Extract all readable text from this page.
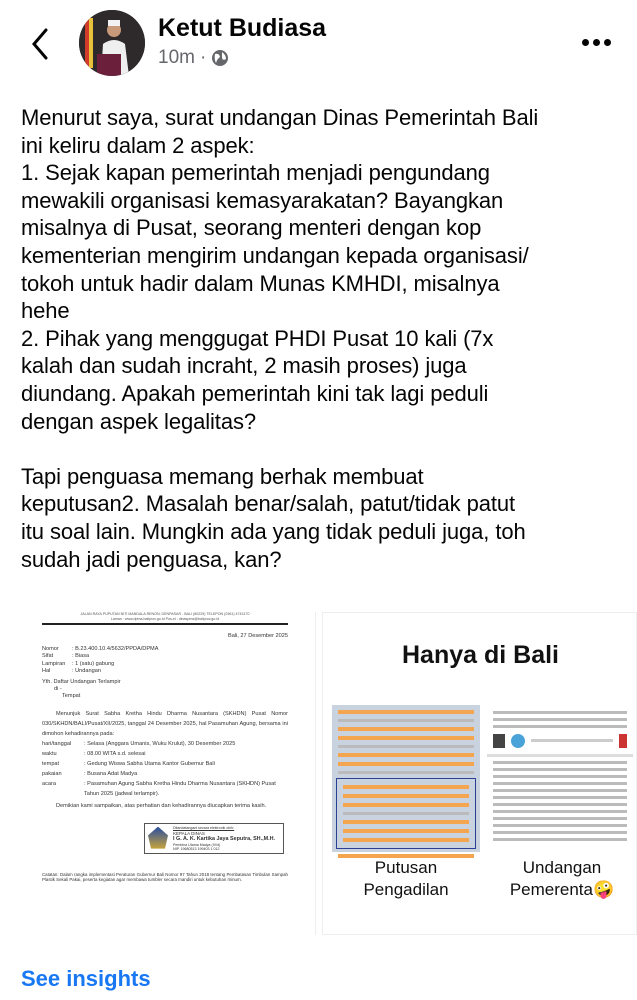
Ketut Budiasa
10m ·
Menurut saya, surat undangan Dinas Pemerintah Bali
ini keliru dalam 2 aspek:
1. Sejak kapan pemerintah menjadi pengundang
mewakili organisasi kemasyarakatan? Bayangkan
misalnya di Pusat, seorang menteri dengan kop
kementerian mengirim undangan kepada organisasi/
tokoh untuk hadir dalam Munas KMHDI, misalnya
hehe
2. Pihak yang menggugat PHDI Pusat 10 kali (7x
kalah dan sudah incraht, 2 masih proses) juga
diundang. Apakah pemerintah kini tak lagi peduli
dengan aspek legalitas?
Tapi penguasa memang berhak membuat
keputusan2. Masalah benar/salah, patut/tidak patut
itu soal lain. Mungkin ada yang tidak peduli juga, toh
sudah jadi penguasa, kan?
JALAN RAYA PUPUTAN NITI MANDALA RENON, DENPASAR - BALI (80225) TELEPON (0361) 4743170
Laman : www.dpma.baliprov.go.id Pos-el : dinaspma@baliprov.go.id
Bali, 27 Desember 2025
Nomor	: B.23.400.10.4/5632/PPDA/DPMA
Sifat	: Biasa
Lampiran	: 1 (satu) gabung
Hal	: Undangan
Yth. Daftar Undangan Terlampir
di -
Tempat
Menunjuk Surat Sabha Kretha Hindu Dharma Nusantara (SKHDN) Pusat Nomor 030/SKHDN/BALI/Pusat/XII/2025, tanggal 24 Desember 2025, hal Pasamuhan Agung, bersama ini dimohon kehadirannya pada:
hari/tanggal	: Selasa (Anggara Umanis, Wuku Krulut), 30 Desember 2025
waktu	: 08.00 WITA s.d. selesai
tempat	: Gedung Wiswa Sabha Utama Kantor Gubernur Bali
pakaian	: Busana Adat Madya
acara	: Pasamuhan Agung Sabha Kretha Hindu Dharma Nusantara (SKHDN) Pusat Tahun 2025 (jadwal terlampir).
Demikian kami sampaikan, atas perhatian dan kehadirannya diucapkan terima kasih.
Ditandatangani secara elektronik oleh:
KEPALA DINAS
I G. A. K. Kartika Jaya Seputra, SH.,M.H.
Pembina Utama Madya (IV/d)
NIP. 19680513 199403 1 012
Catatan: Dalam rangka implementasi Peraturan Gubernur Bali Nomor 97 Tahun 2018 tentang Pembatasan Timbulan Sampah Plastik Sekali Pakai, peserta kegiatan agar membawa tumbler secara mandiri untuk kebutuhan minum.
Hanya di Bali
Putusan
Pengadilan
Undangan
Pemerenta🤪
See insights
